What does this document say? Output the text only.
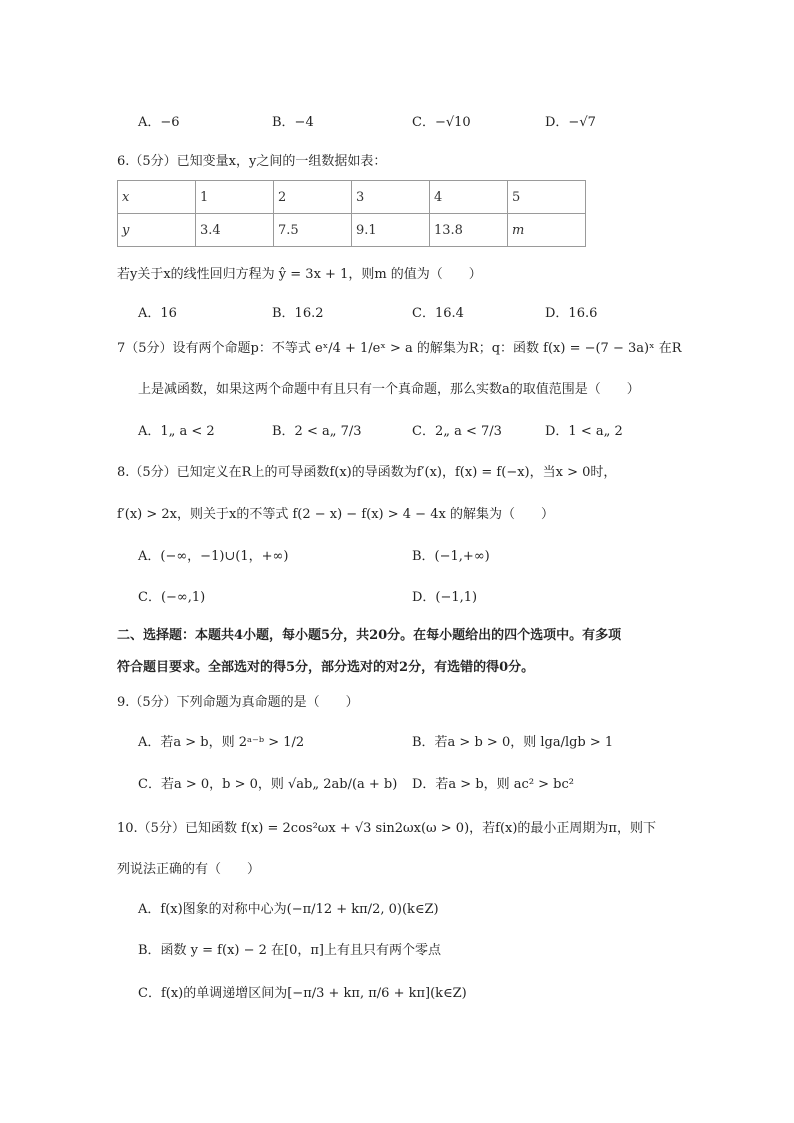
A．−6	B．−4	C．−√10	D．−√7
6.（5分）已知变量x，y之间的一组数据如表：
x	1	2	3	4	5
y	3.4	7.5	9.1	13.8	m
若y关于x的线性回归方程为 ŷ = 3x + 1，则m 的值为（　　）
A．16	B．16.2	C．16.4	D．16.6
7（5分）设有两个命题p：不等式 eˣ/4 + 1/eˣ > a 的解集为R；q：函数 f(x) = −(7 − 3a)ˣ 在R
上是减函数，如果这两个命题中有且只有一个真命题，那么实数a的取值范围是（　　）
A．1„ a < 2	B．2 < a„ 7/3	C．2„ a < 7/3	D．1 < a„ 2
8.（5分）已知定义在R上的可导函数f(x)的导函数为f′(x)，f(x) = f(−x)，当x > 0时，
f′(x) > 2x，则关于x的不等式 f(2 − x) − f(x) > 4 − 4x 的解集为（　　）
A．(−∞，−1)∪(1，+∞)	B．(−1,+∞)
C．(−∞,1)	D．(−1,1)
二、选择题：本题共4小题，每小题5分，共20分。在每小题给出的四个选项中。有多项
符合题目要求。全部选对的得5分，部分选对的对2分，有选错的得0分。
9.（5分）下列命题为真命题的是（　　）
A．若a > b，则 2ᵃ⁻ᵇ > 1/2	B．若a > b > 0，则 lga/lgb > 1
C．若a > 0，b > 0，则 √ab„ 2ab/(a + b) D．若a > b，则 ac² > bc²
10.（5分）已知函数 f(x) = 2cos²ωx + √3 sin2ωx(ω > 0)，若f(x)的最小正周期为π，则下
列说法正确的有（　　）
A．f(x)图象的对称中心为(−π/12 + kπ/2, 0)(k∈Z)
B．函数 y = f(x) − 2 在[0，π]上有且只有两个零点
C．f(x)的单调递增区间为[−π/3 + kπ, π/6 + kπ](k∈Z)
